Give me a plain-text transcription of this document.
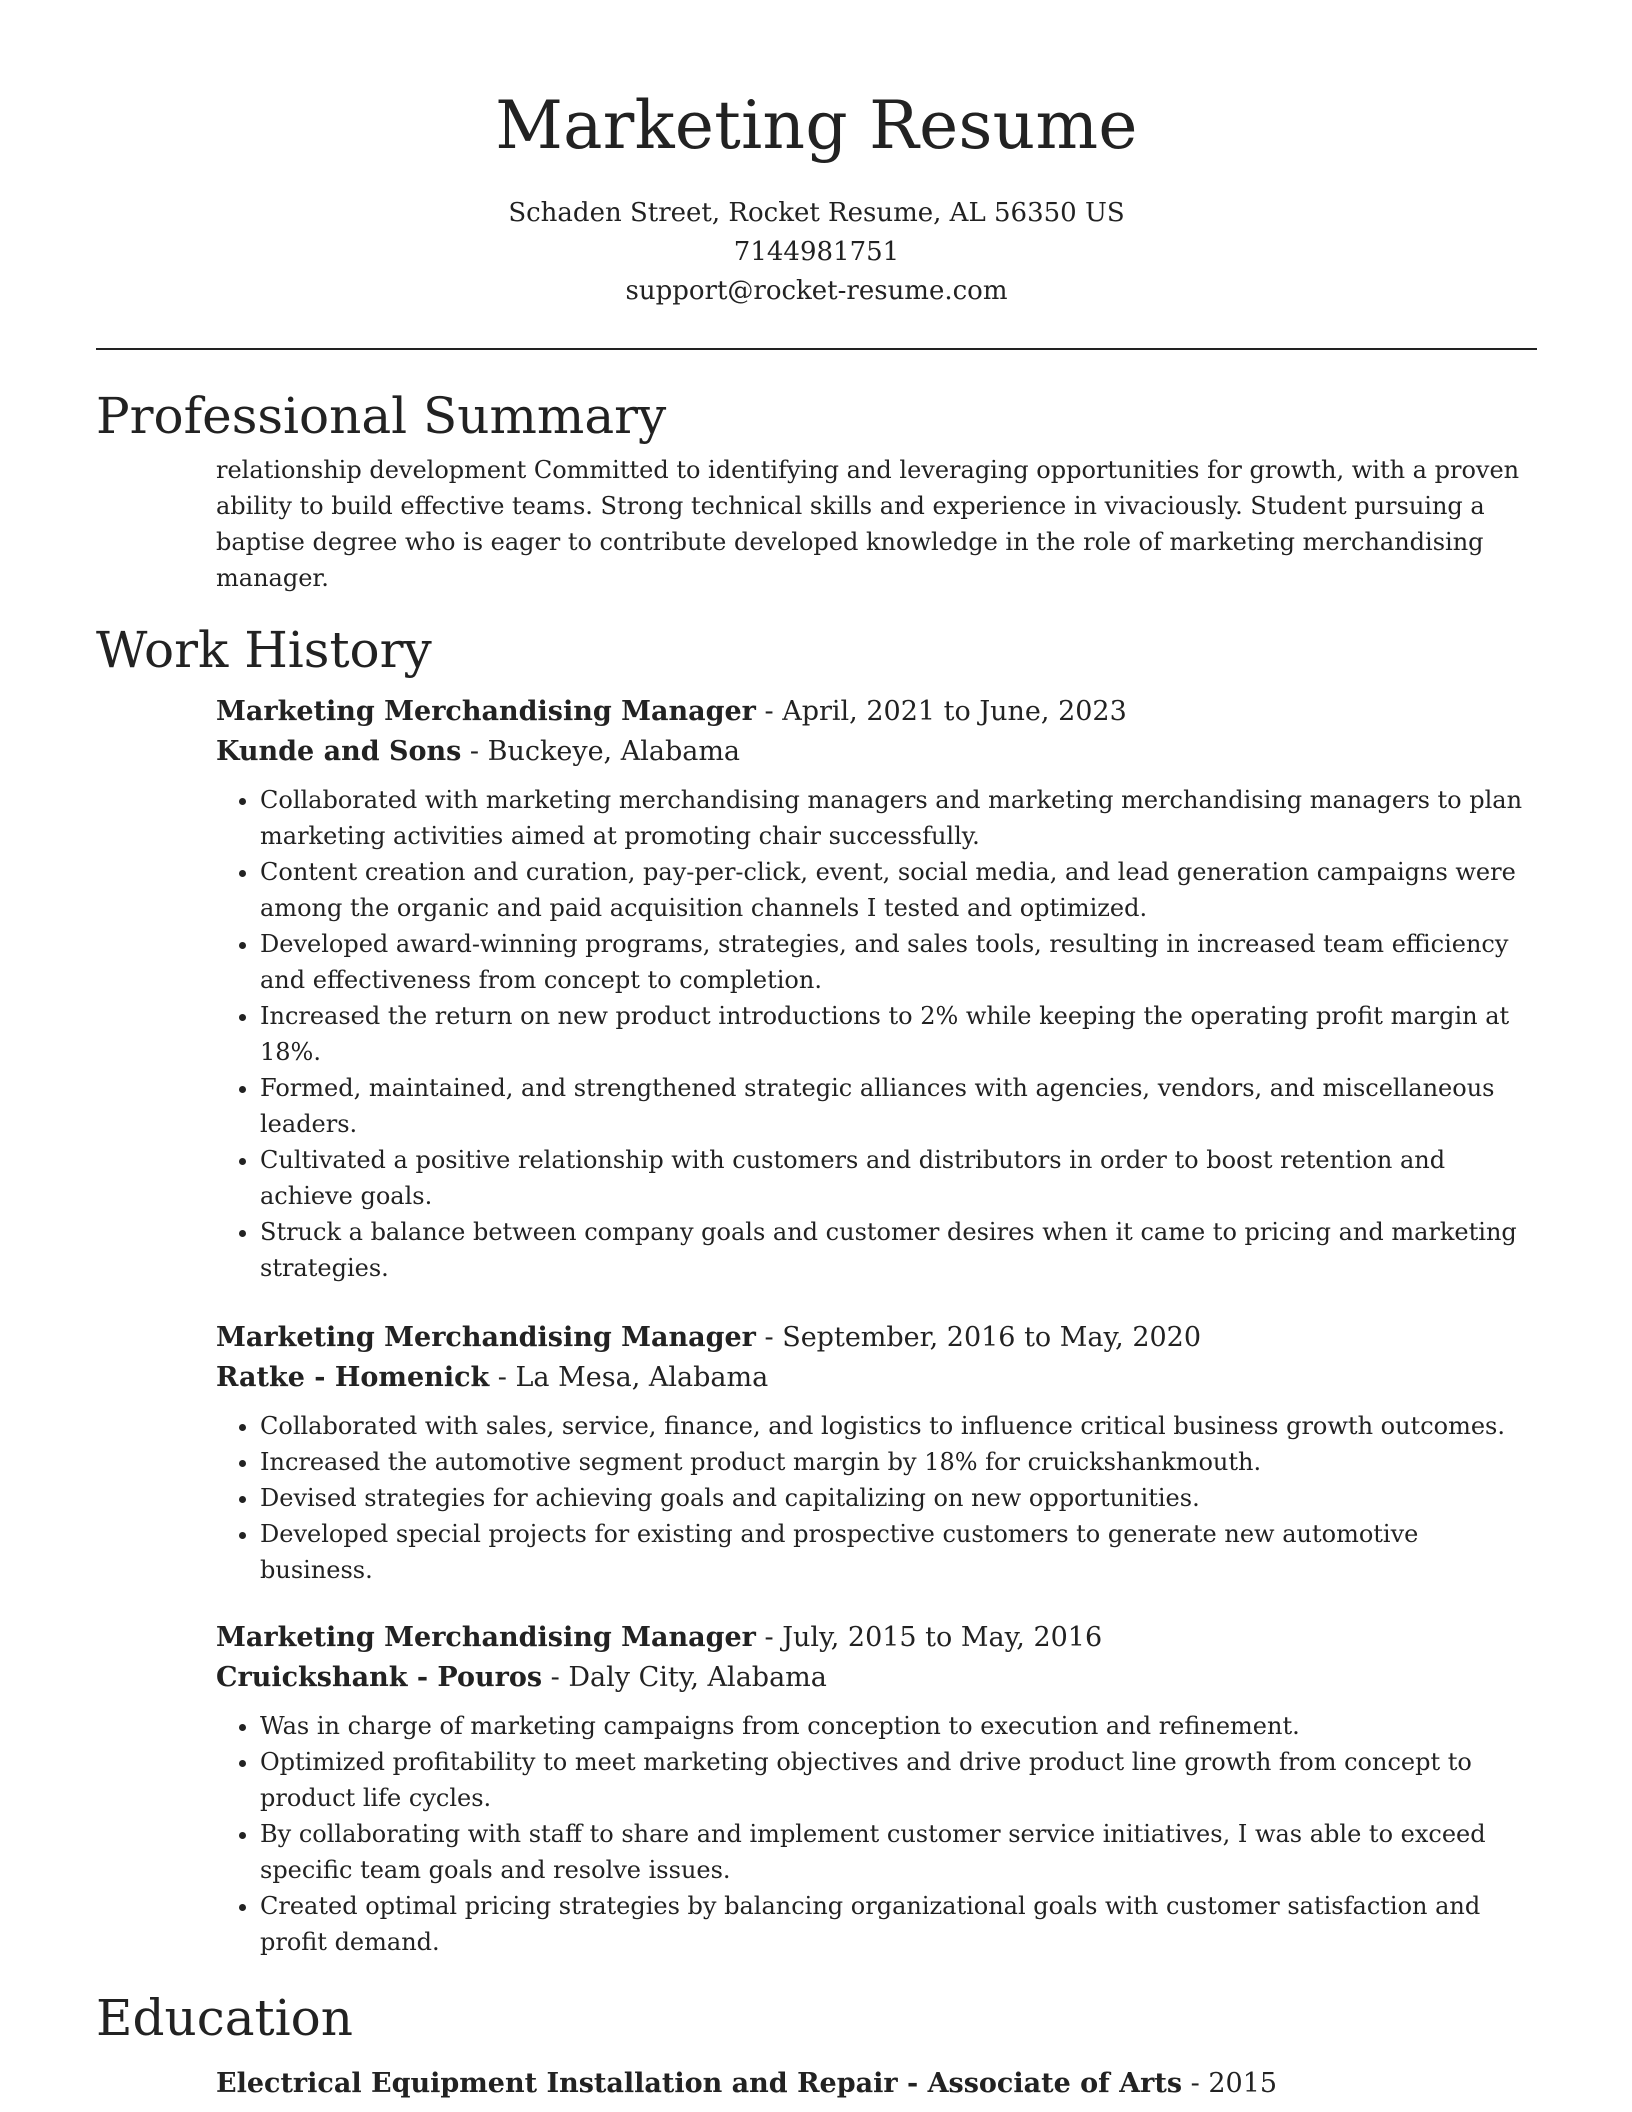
Marketing Resume
Schaden Street, Rocket Resume, AL 56350 US
7144981751
support@rocket-resume.com
Professional Summary

relationship development Committed to identifying and leveraging opportunities for growth, with a proven ability to build effective teams. Strong technical skills and experience in vivaciously. Student pursuing a baptise degree who is eager to contribute developed knowledge in the role of marketing merchandising manager.

Work History
Marketing Merchandising Manager - April, 2021 to June, 2023
Kunde and Sons - Buckeye, Alabama
• Collaborated with marketing merchandising managers and marketing merchandising managers to plan marketing activities aimed at promoting chair successfully.
• Content creation and curation, pay-per-click, event, social media, and lead generation campaigns were among the organic and paid acquisition channels I tested and optimized.
• Developed award-winning programs, strategies, and sales tools, resulting in increased team efficiency and effectiveness from concept to completion.
• Increased the return on new product introductions to 2% while keeping the operating profit margin at 18%.
• Formed, maintained, and strengthened strategic alliances with agencies, vendors, and miscellaneous leaders.
• Cultivated a positive relationship with customers and distributors in order to boost retention and achieve goals.
• Struck a balance between company goals and customer desires when it came to pricing and marketing strategies.
Marketing Merchandising Manager - September, 2016 to May, 2020
Ratke - Homenick - La Mesa, Alabama
• Collaborated with sales, service, finance, and logistics to influence critical business growth outcomes.
• Increased the automotive segment product margin by 18% for cruickshankmouth.
• Devised strategies for achieving goals and capitalizing on new opportunities.
• Developed special projects for existing and prospective customers to generate new automotive business.
Marketing Merchandising Manager - July, 2015 to May, 2016
Cruickshank - Pouros - Daly City, Alabama
• Was in charge of marketing campaigns from conception to execution and refinement.
• Optimized profitability to meet marketing objectives and drive product line growth from concept to product life cycles.
• By collaborating with staff to share and implement customer service initiatives, I was able to exceed specific team goals and resolve issues.
• Created optimal pricing strategies by balancing organizational goals with customer satisfaction and profit demand.
Education
Electrical Equipment Installation and Repair - Associate of Arts - 2015
